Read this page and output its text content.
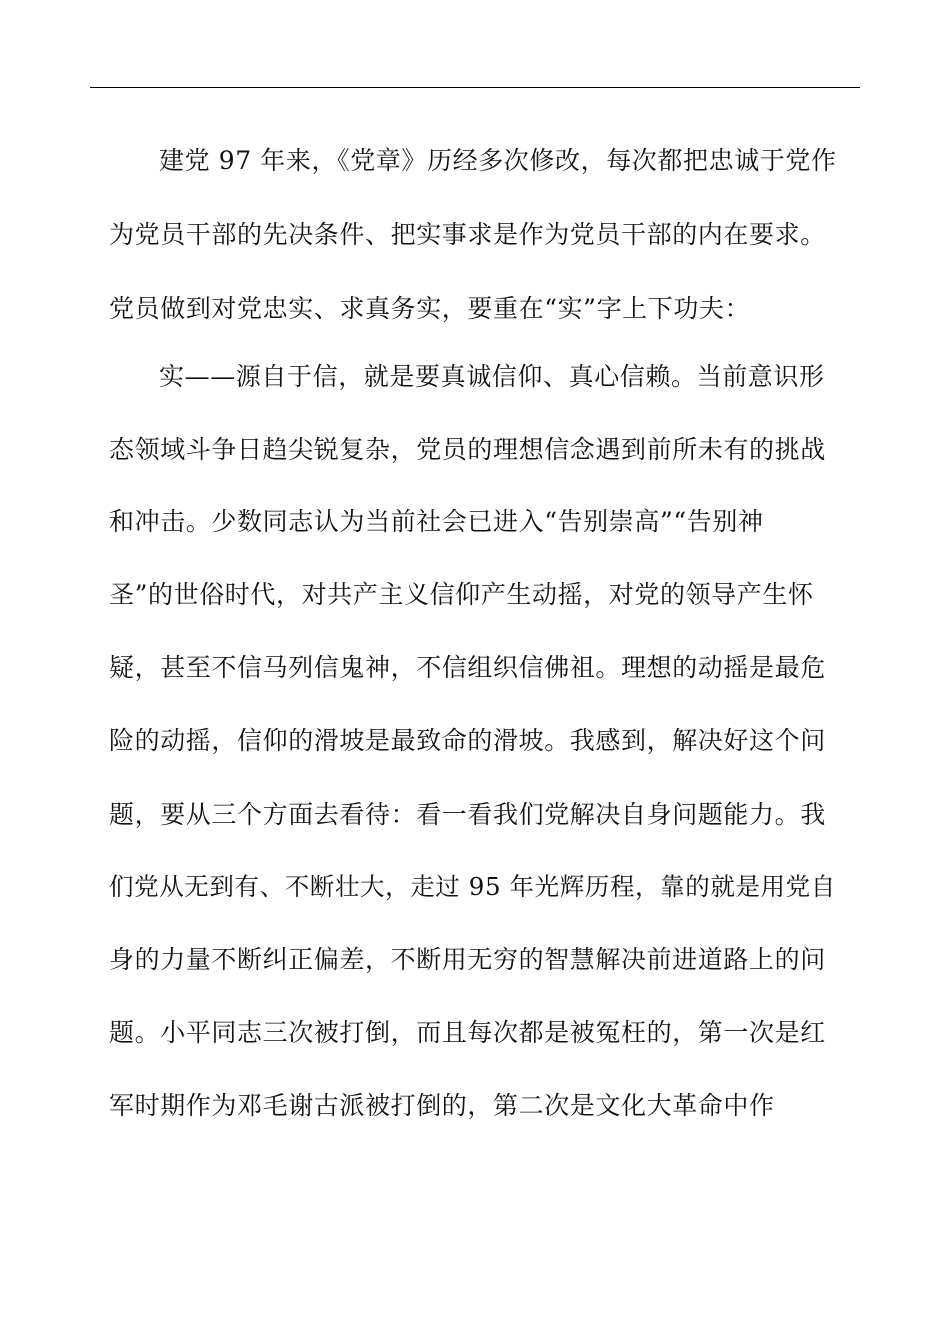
建党 97 年来，《党章》历经多次修改，每次都把忠诚于党作
为党员干部的先决条件、把实事求是作为党员干部的内在要求。
党员做到对党忠实、求真务实，要重在“实”字上下功夫：
实——源自于信，就是要真诚信仰、真心信赖。当前意识形
态领域斗争日趋尖锐复杂，党员的理想信念遇到前所未有的挑战
和冲击。少数同志认为当前社会已进入“告别崇高”“告别神
圣”的世俗时代，对共产主义信仰产生动摇，对党的领导产生怀
疑，甚至不信马列信鬼神，不信组织信佛祖。理想的动摇是最危
险的动摇，信仰的滑坡是最致命的滑坡。我感到，解决好这个问
题，要从三个方面去看待：看一看我们党解决自身问题能力。我
们党从无到有、不断壮大，走过 95 年光辉历程，靠的就是用党自
身的力量不断纠正偏差，不断用无穷的智慧解决前进道路上的问
题。小平同志三次被打倒，而且每次都是被冤枉的，第一次是红
军时期作为邓毛谢古派被打倒的，第二次是文化大革命中作
